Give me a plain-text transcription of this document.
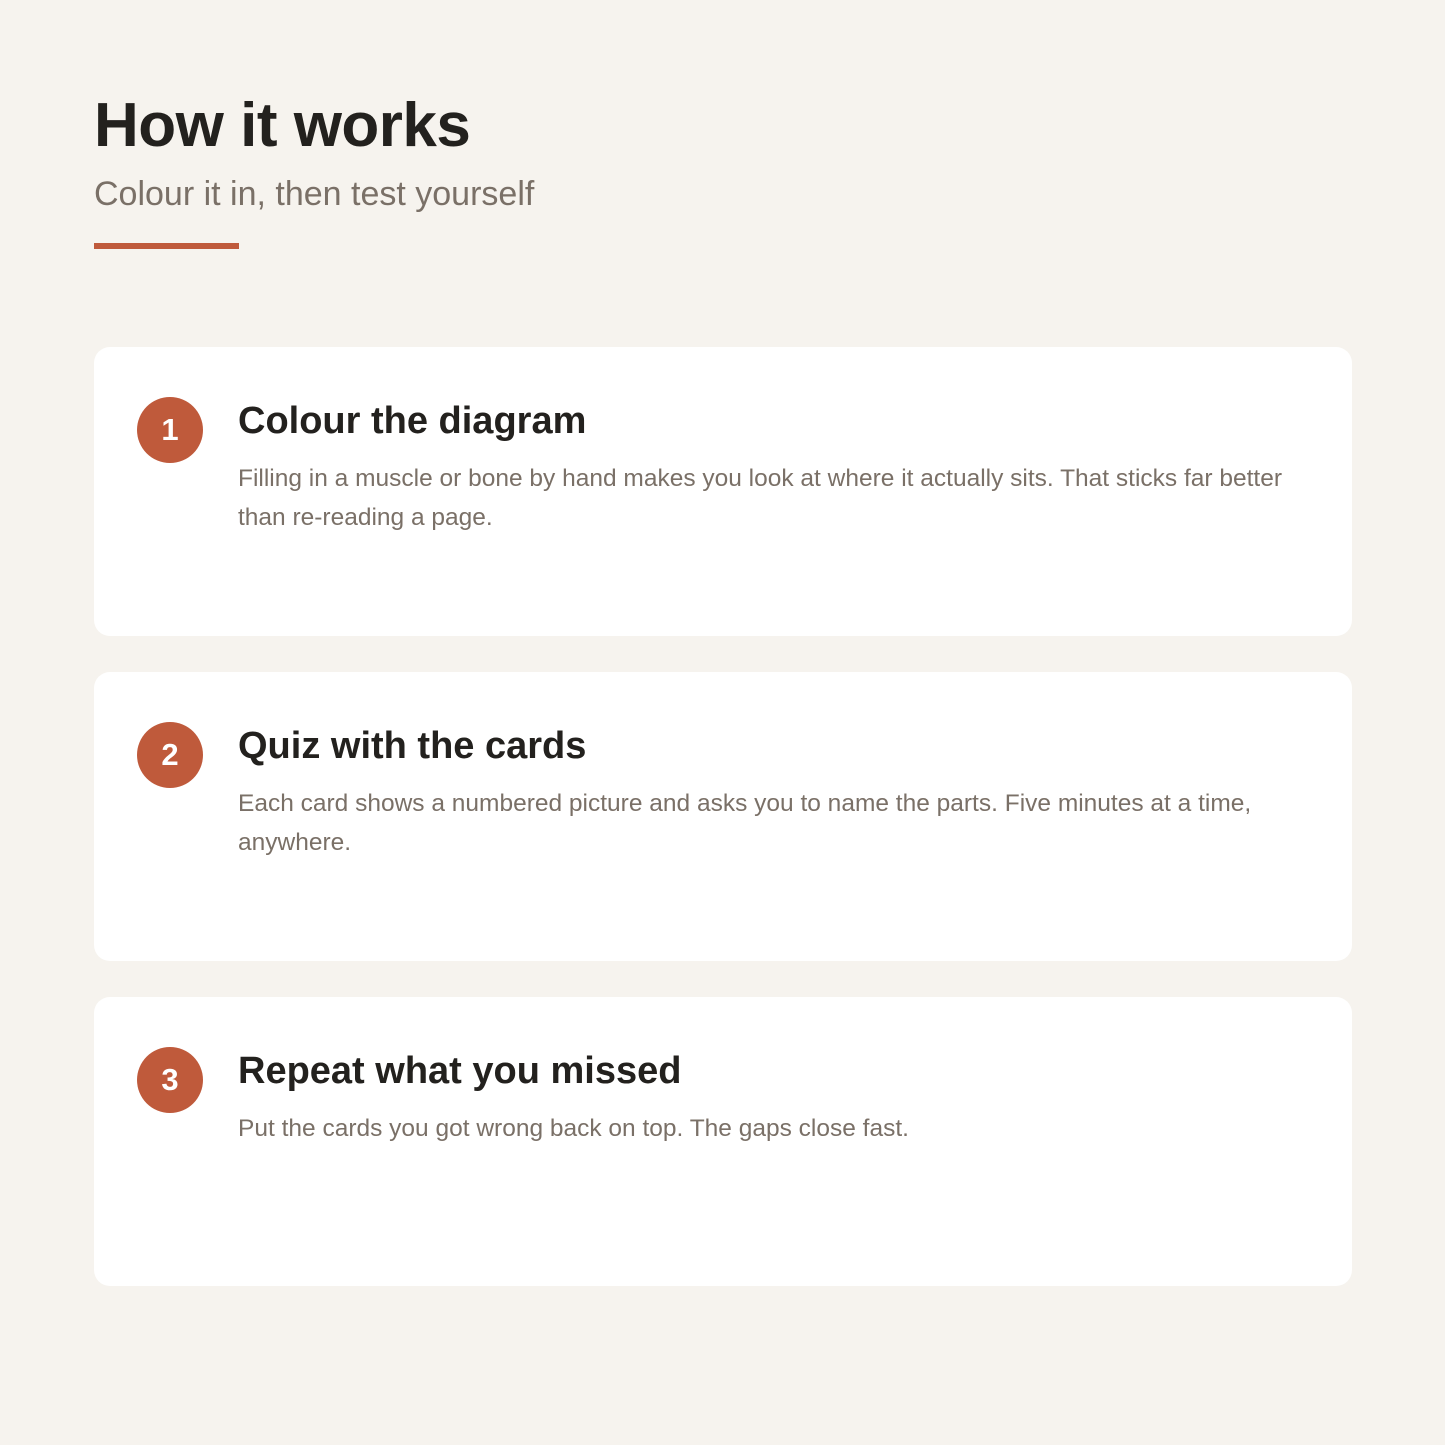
How it works

Colour it in, then test yourself

1	Colour the diagram

Filling in a muscle or bone by hand makes you look at where it actually sits. That sticks far better than re-reading a page.

2	Quiz with the cards

Each card shows a numbered picture and asks you to name the parts. Five minutes at a time, anywhere.

3	Repeat what you missed

Put the cards you got wrong back on top. The gaps close fast.
